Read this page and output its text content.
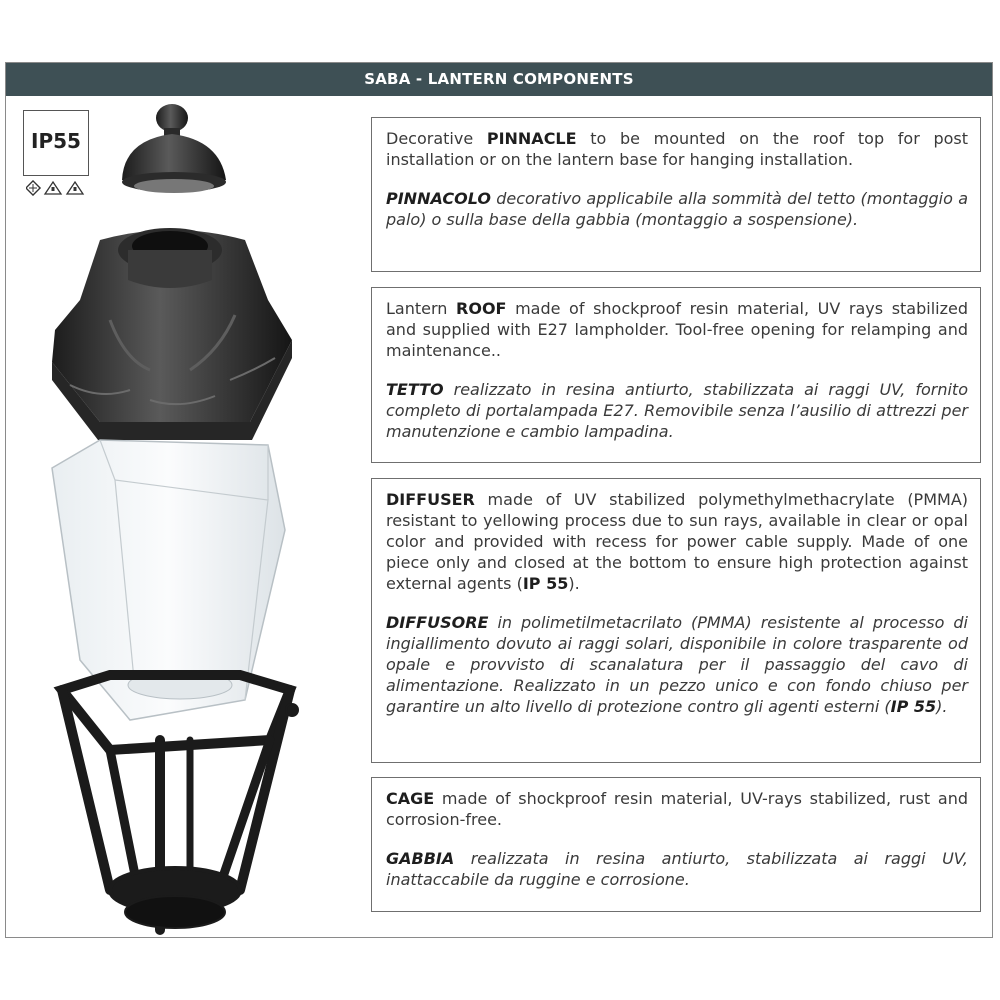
SABA - LANTERN COMPONENTS
IP55	Decorative PINNACLE to be mounted on the roof top for post installation or on the lantern base for hanging installation.

PINNACOLO decorativo applicabile alla sommità del tetto (montaggio a palo) o sulla base della gabbia (montaggio a sospensione).

Lantern ROOF made of shockproof resin material, UV rays stabilized and supplied with E27 lampholder. Tool-free opening for relamping and maintenance..

TETTO realizzato in resina antiurto, stabilizzata ai raggi UV, fornito completo di portalampada E27. Removibile senza l’ausilio di attrezzi per manutenzione e cambio lampadina.

DIFFUSER made of UV stabilized polymethylmethacrylate (PMMA) resistant to yellowing process due to sun rays, available in clear or opal color and provided with recess for power cable supply. Made of one piece only and closed at the bottom to ensure high protection against external agents (IP 55).

DIFFUSORE in polimetilmetacrilato (PMMA) resistente al processo di ingiallimento dovuto ai raggi solari, disponibile in colore trasparente od opale e provvisto di scanalatura per il passaggio del cavo di alimentazione. Realizzato in un pezzo unico e con fondo chiuso per garantire un alto livello di protezione contro gli agenti esterni (IP 55).

CAGE made of shockproof resin material, UV-rays stabilized, rust and corrosion-free.

GABBIA realizzata in resina antiurto, stabilizzata ai raggi UV, inattaccabile da ruggine e corrosione.
